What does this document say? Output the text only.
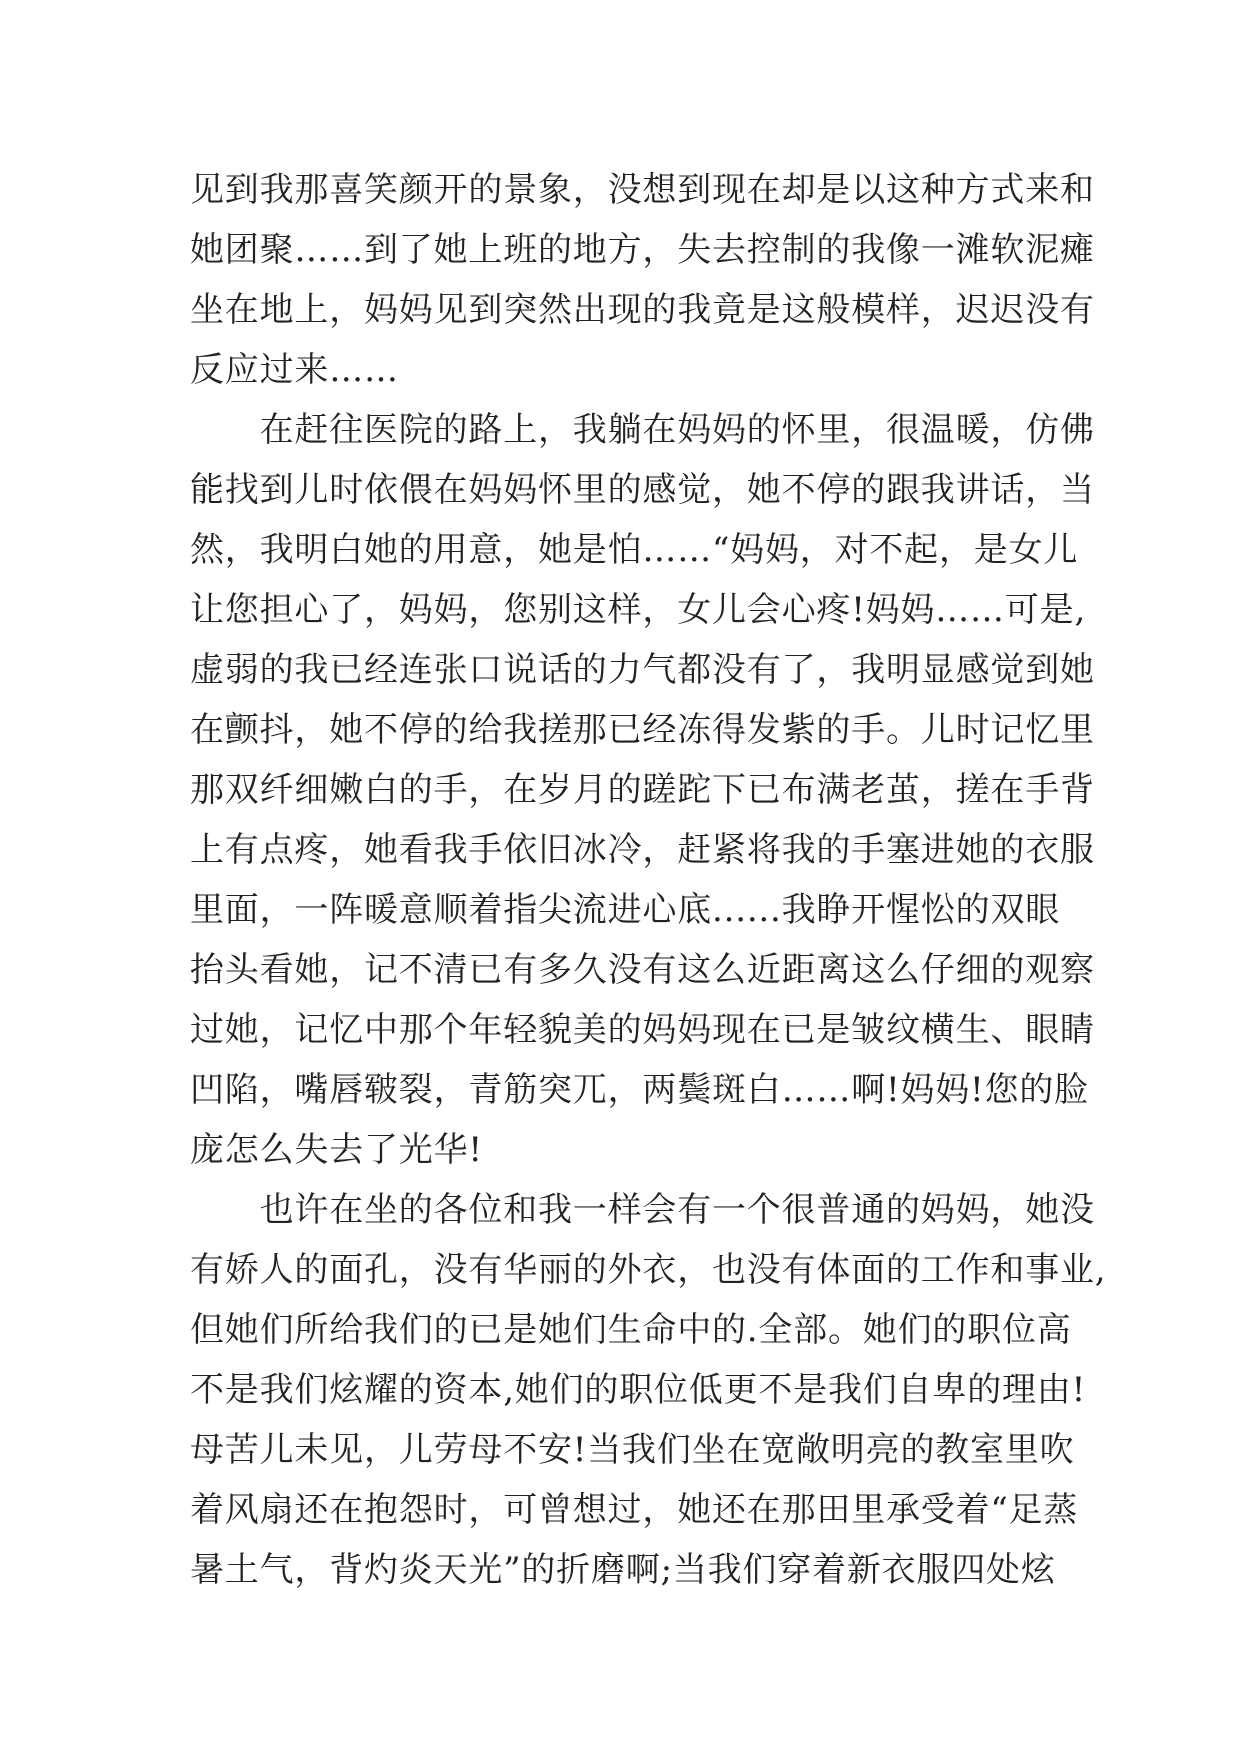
见到我那喜笑颜开的景象，没想到现在却是以这种方式来和
她团聚……到了她上班的地方，失去控制的我像一滩软泥瘫
坐在地上，妈妈见到突然出现的我竟是这般模样，迟迟没有
反应过来……
　　在赶往医院的路上，我躺在妈妈的怀里，很温暖，仿佛
能找到儿时依偎在妈妈怀里的感觉，她不停的跟我讲话，当
然，我明白她的用意，她是怕……“妈妈，对不起，是女儿
让您担心了，妈妈，您别这样，女儿会心疼!妈妈……可是,
虚弱的我已经连张口说话的力气都没有了，我明显感觉到她
在颤抖，她不停的给我搓那已经冻得发紫的手。儿时记忆里
那双纤细嫩白的手，在岁月的蹉跎下已布满老茧，搓在手背
上有点疼，她看我手依旧冰冷，赶紧将我的手塞进她的衣服
里面，一阵暖意顺着指尖流进心底......我睁开惺忪的双眼
抬头看她，记不清已有多久没有这么近距离这么仔细的观察
过她，记忆中那个年轻貌美的妈妈现在已是皱纹横生、眼睛
凹陷，嘴唇皲裂，青筋突兀，两鬓斑白……啊!妈妈!您的脸
庞怎么失去了光华!
　　也许在坐的各位和我一样会有一个很普通的妈妈，她没
有娇人的面孔，没有华丽的外衣，也没有体面的工作和事业,
但她们所给我们的已是她们生命中的.全部。她们的职位高
不是我们炫耀的资本,她们的职位低更不是我们自卑的理由!
母苦儿未见，儿劳母不安!当我们坐在宽敞明亮的教室里吹
着风扇还在抱怨时，可曾想过，她还在那田里承受着“足蒸
暑土气，背灼炎天光”的折磨啊;当我们穿着新衣服四处炫
